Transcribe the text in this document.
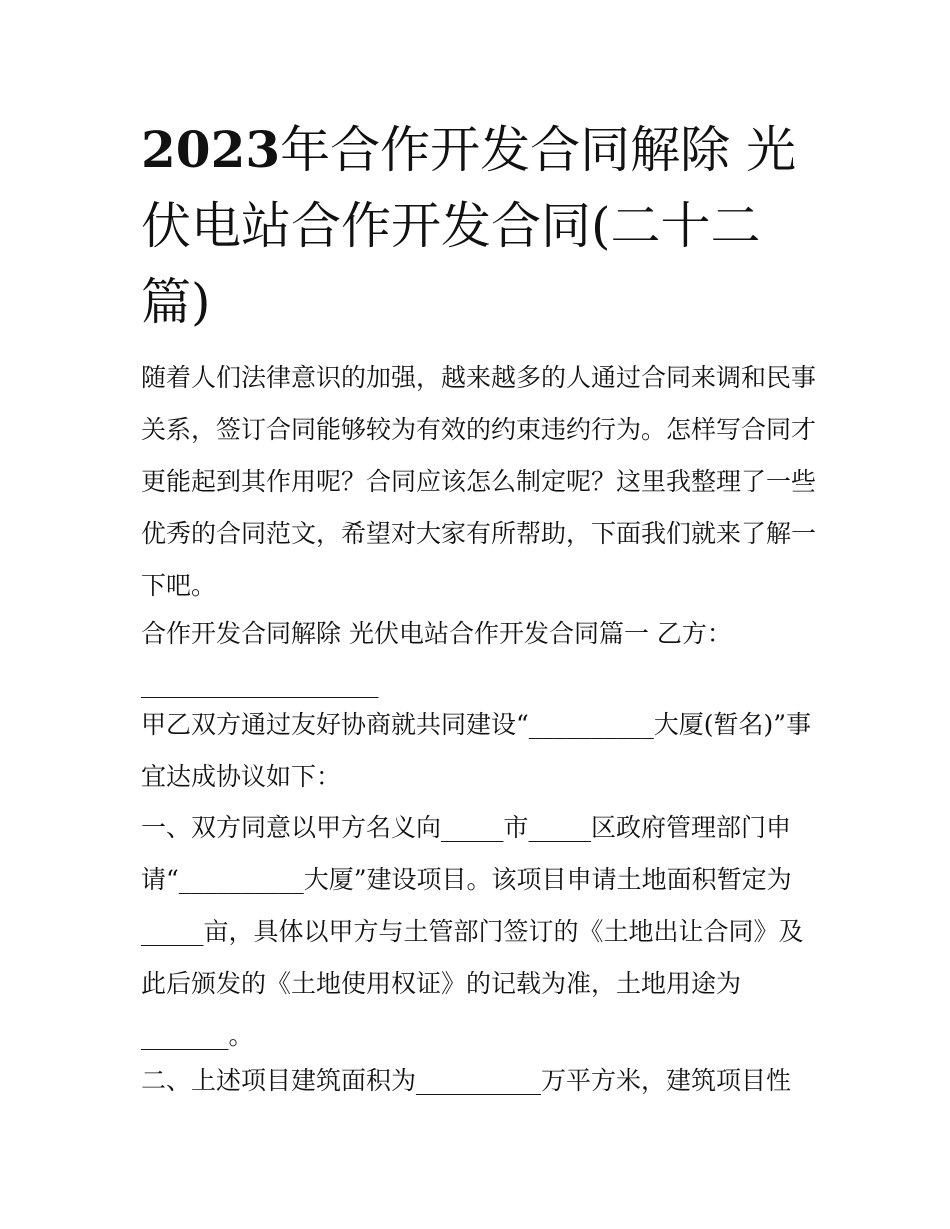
2023年合作开发合同解除 光
伏电站合作开发合同(二十二
篇)
随着人们法律意识的加强，越来越多的人通过合同来调和民事
关系，签订合同能够较为有效的约束违约行为。怎样写合同才
更能起到其作用呢？合同应该怎么制定呢？这里我整理了一些
优秀的合同范文，希望对大家有所帮助，下面我们就来了解一
下吧。
合作开发合同解除 光伏电站合作开发合同篇一 乙方：
___________________
甲乙双方通过友好协商就共同建设“__________大厦(暂名)”事
宜达成协议如下：
一、双方同意以甲方名义向_____市_____区政府管理部门申
请“__________大厦”建设项目。该项目申请土地面积暂定为
_____亩，具体以甲方与土管部门签订的《土地出让合同》及
此后颁发的《土地使用权证》的记载为准，土地用途为
_______。
二、上述项目建筑面积为__________万平方米，建筑项目性
